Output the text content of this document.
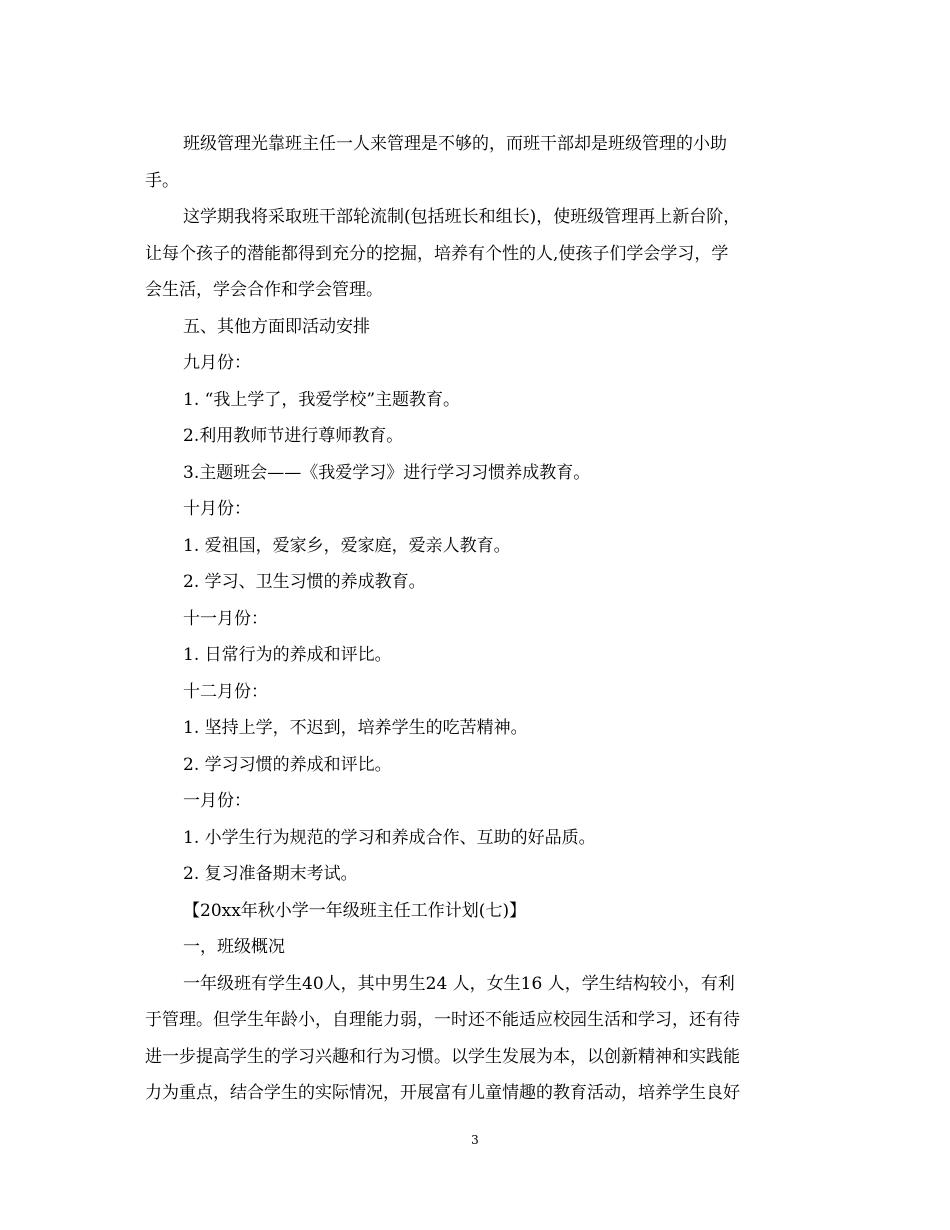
班级管理光靠班主任一人来管理是不够的，而班干部却是班级管理的小助
手。
这学期我将采取班干部轮流制(包括班长和组长)，使班级管理再上新台阶，
让每个孩子的潜能都得到充分的挖掘，培养有个性的人,使孩子们学会学习，学
会生活，学会合作和学会管理。
五、其他方面即活动安排
九月份：
1. “我上学了，我爱学校”主题教育。
2.利用教师节进行尊师教育。
3.主题班会——《我爱学习》进行学习习惯养成教育。
十月份：
1. 爱祖国，爱家乡，爱家庭，爱亲人教育。
2. 学习、卫生习惯的养成教育。
十一月份：
1. 日常行为的养成和评比。
十二月份：
1. 坚持上学，不迟到，培养学生的吃苦精神。
2. 学习习惯的养成和评比。
一月份：
1. 小学生行为规范的学习和养成合作、互助的好品质。
2. 复习准备期末考试。
【20xx年秋小学一年级班主任工作计划(七)】
一，班级概况
一年级班有学生40人，其中男生24 人，女生16 人，学生结构较小，有利
于管理。但学生年龄小，自理能力弱，一时还不能适应校园生活和学习，还有待
进一步提高学生的学习兴趣和行为习惯。以学生发展为本，以创新精神和实践能
力为重点，结合学生的实际情况，开展富有儿童情趣的教育活动，培养学生良好
3
